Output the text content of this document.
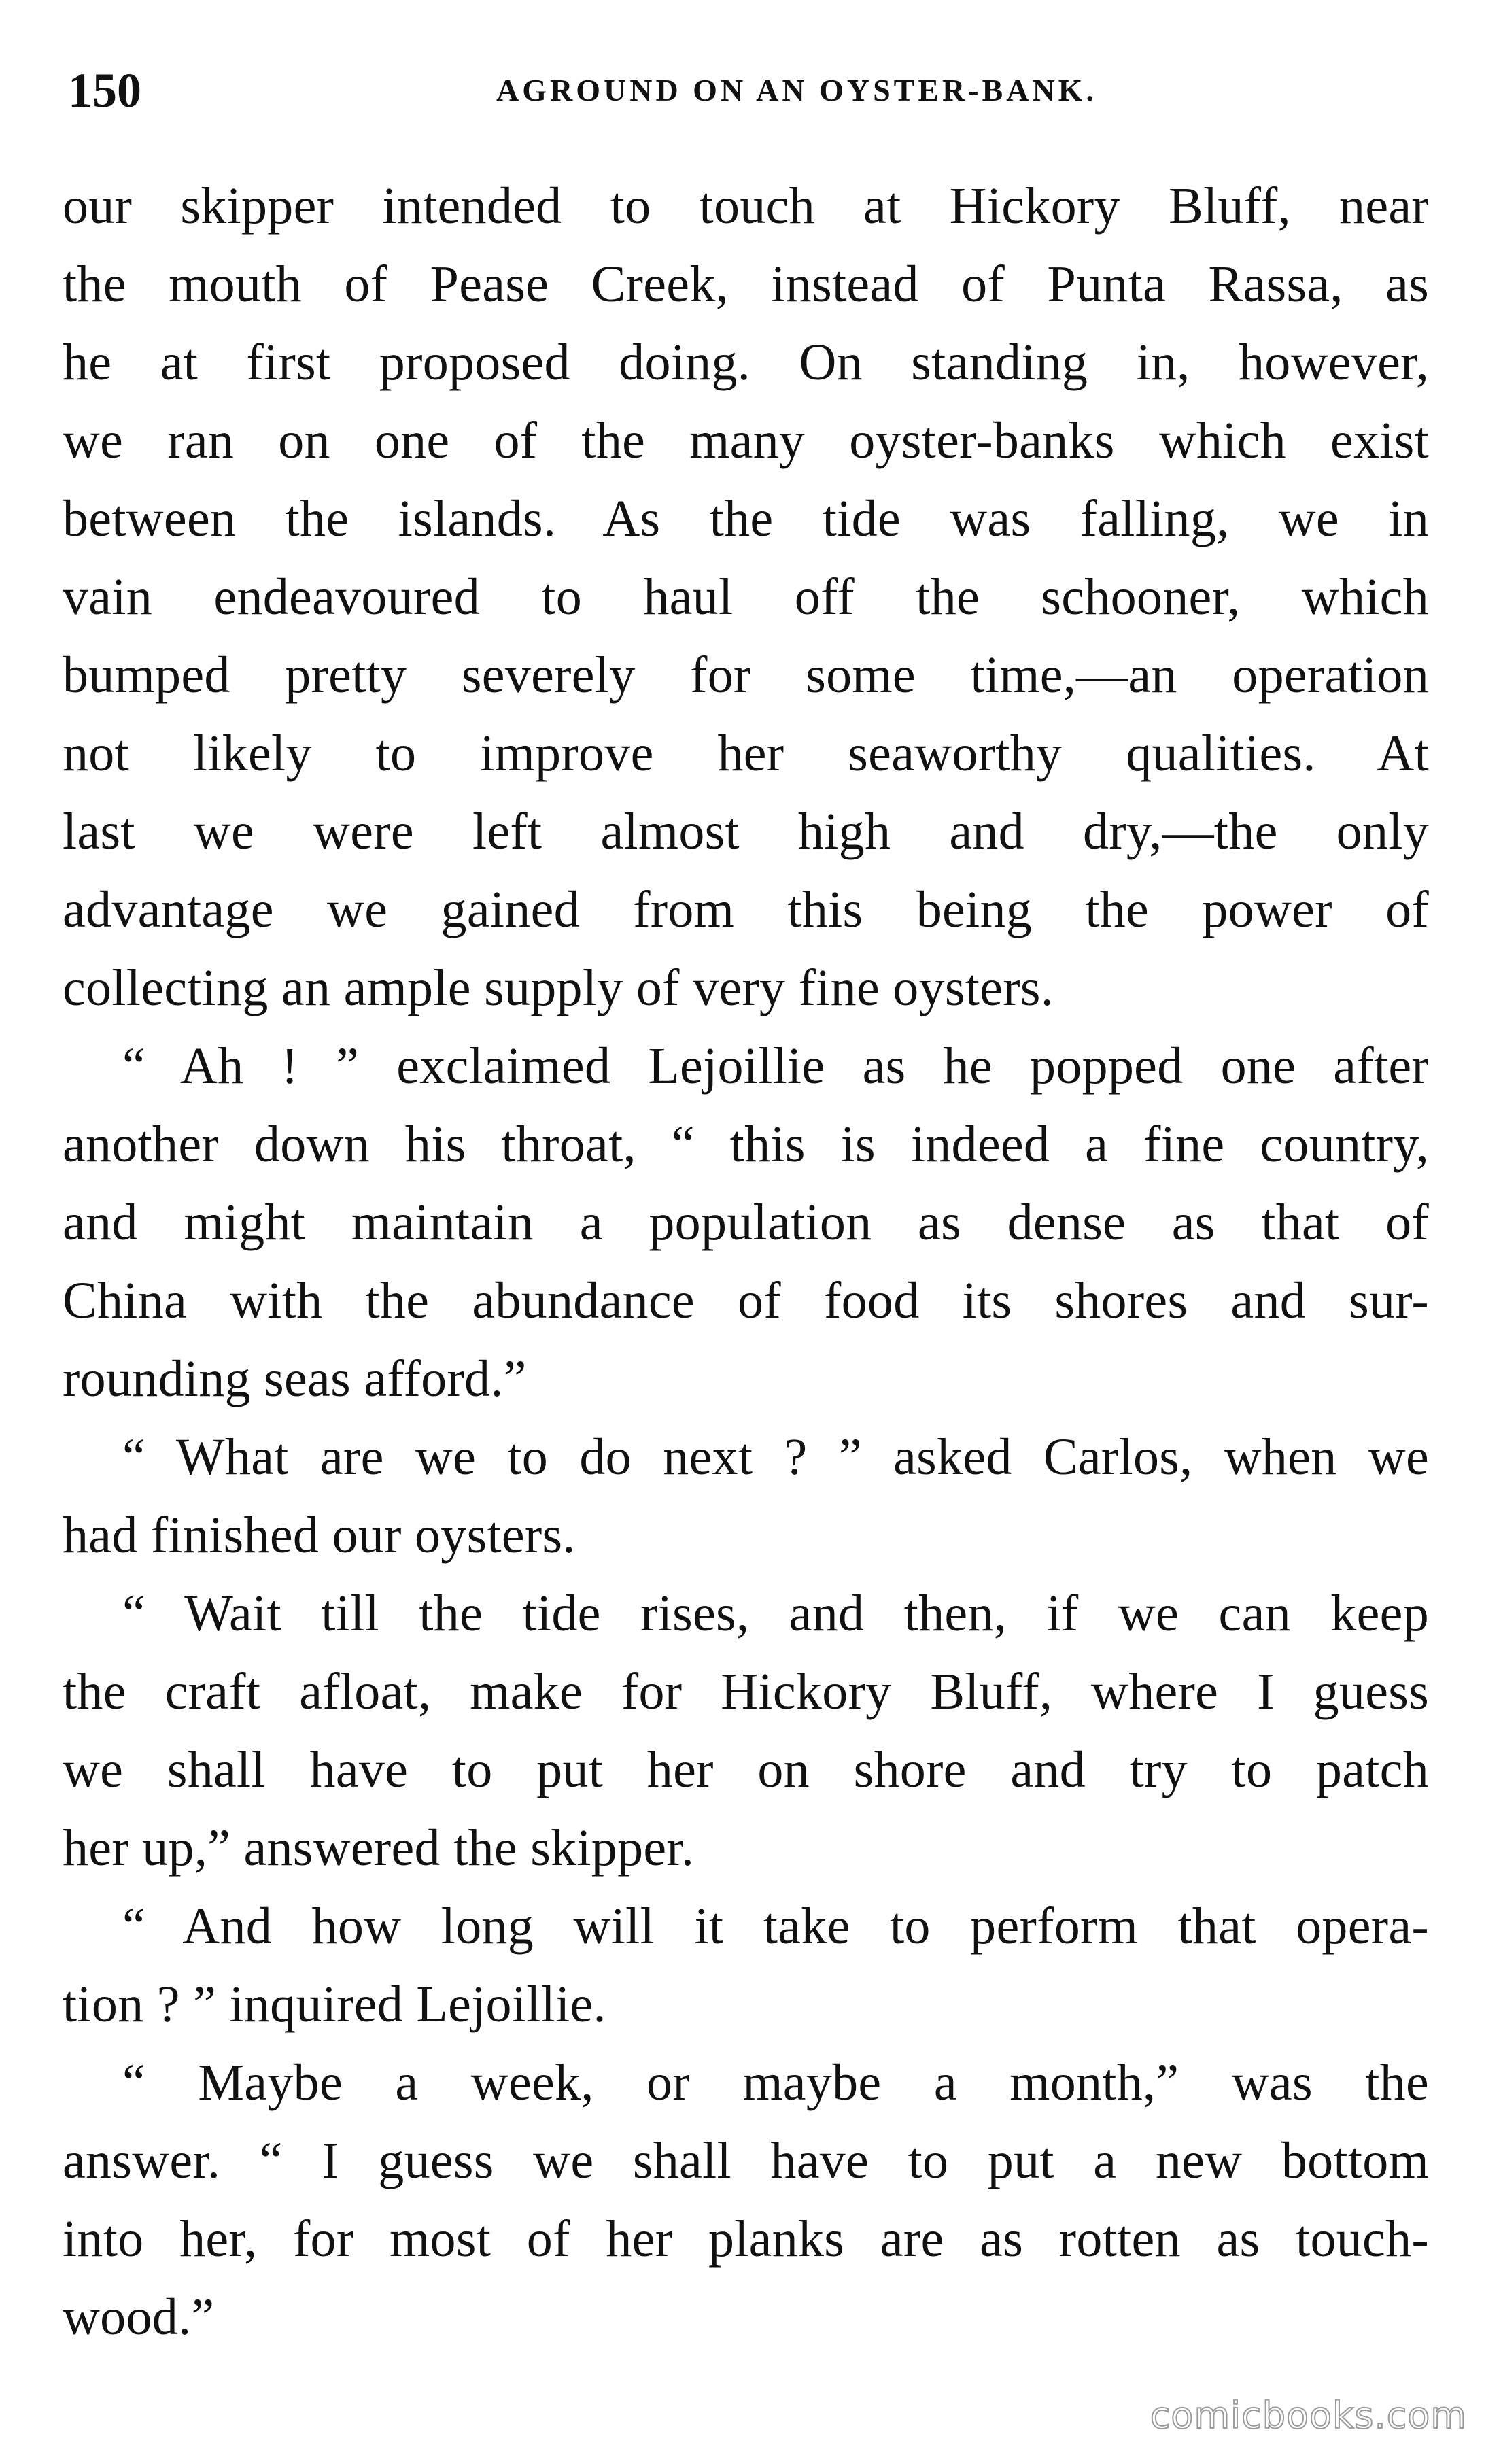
150	AGROUND ON AN OYSTER-BANK.

our skipper intended to touch at Hickory Bluff, near
the mouth of Pease Creek, instead of Punta Rassa, as
he at first proposed doing. On standing in, however,
we ran on one of the many oyster-banks which exist
between the islands. As the tide was falling, we in
vain endeavoured to haul off the schooner, which
bumped pretty severely for some time,—an operation
not likely to improve her seaworthy qualities. At
last we were left almost high and dry,—the only
advantage we gained from this being the power of
collecting an ample supply of very fine oysters.

“ Ah ! ” exclaimed Lejoillie as he popped one after
another down his throat, “ this is indeed a fine country,
and might maintain a population as dense as that of
China with the abundance of food its shores and sur-
rounding seas afford.”

“ What are we to do next ? ” asked Carlos, when we
had finished our oysters.

“ Wait till the tide rises, and then, if we can keep
the craft afloat, make for Hickory Bluff, where I guess
we shall have to put her on shore and try to patch
her up,” answered the skipper.

“ And how long will it take to perform that opera-
tion ? ” inquired Lejoillie.

“ Maybe a week, or maybe a month,” was the
answer. “ I guess we shall have to put a new bottom
into her, for most of her planks are as rotten as touch-
wood.”

comicbooks.com
